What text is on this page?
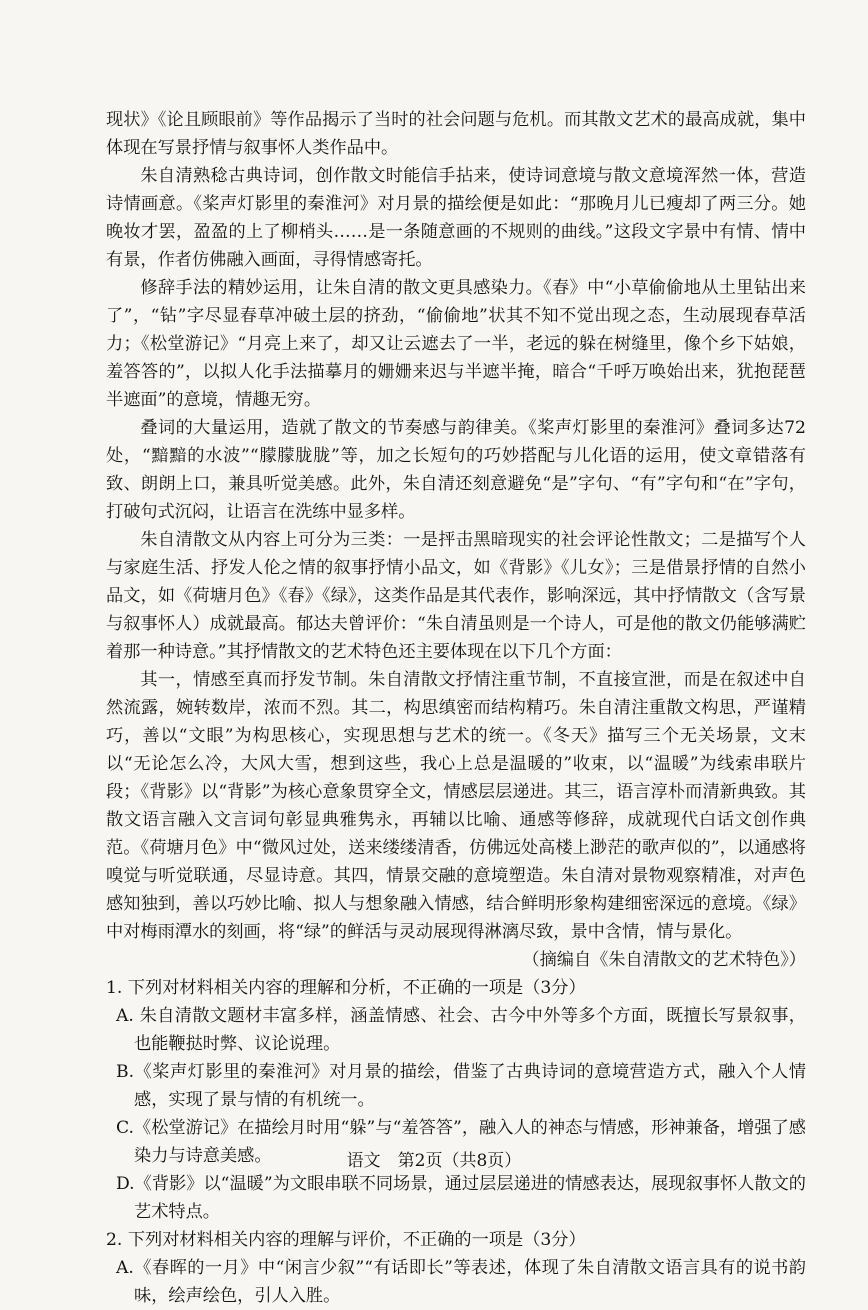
现状》《论且顾眼前》等作品揭示了当时的社会问题与危机。而其散文艺术的最高成就，集中体现在写景抒情与叙事怀人类作品中。

朱自清熟稔古典诗词，创作散文时能信手拈来，使诗词意境与散文意境浑然一体，营造诗情画意。《桨声灯影里的秦淮河》对月景的描绘便是如此：“那晚月儿已瘦却了两三分。她晚妆才罢，盈盈的上了柳梢头……是一条随意画的不规则的曲线。”这段文字景中有情、情中有景，作者仿佛融入画面，寻得情感寄托。

修辞手法的精妙运用，让朱自清的散文更具感染力。《春》中“小草偷偷地从土里钻出来了”，“钻”字尽显春草冲破土层的挤劲，“偷偷地”状其不知不觉出现之态，生动展现春草活力；《松堂游记》“月亮上来了，却又让云遮去了一半，老远的躲在树缝里，像个乡下姑娘，羞答答的”，以拟人化手法描摹月的姗姗来迟与半遮半掩，暗合“千呼万唤始出来，犹抱琵琶半遮面”的意境，情趣无穷。

叠词的大量运用，造就了散文的节奏感与韵律美。《桨声灯影里的秦淮河》叠词多达72处，“黯黯的水波”“朦朦胧胧”等，加之长短句的巧妙搭配与儿化语的运用，使文章错落有致、朗朗上口，兼具听觉美感。此外，朱自清还刻意避免“是”字句、“有”字句和“在”字句，打破句式沉闷，让语言在洗练中显多样。

朱自清散文从内容上可分为三类：一是抨击黑暗现实的社会评论性散文；二是描写个人与家庭生活、抒发人伦之情的叙事抒情小品文，如《背影》《儿女》；三是借景抒情的自然小品文，如《荷塘月色》《春》《绿》，这类作品是其代表作，影响深远，其中抒情散文（含写景与叙事怀人）成就最高。郁达夫曾评价：“朱自清虽则是一个诗人，可是他的散文仍能够满贮着那一种诗意。”其抒情散文的艺术特色还主要体现在以下几个方面：

其一，情感至真而抒发节制。朱自清散文抒情注重节制，不直接宣泄，而是在叙述中自然流露，婉转数岸，浓而不烈。其二，构思缜密而结构精巧。朱自清注重散文构思，严谨精巧，善以“文眼”为构思核心，实现思想与艺术的统一。《冬天》描写三个无关场景，文末以“无论怎么冷，大风大雪，想到这些，我心上总是温暖的”收束，以“温暖”为线索串联片段；《背影》以“背影”为核心意象贯穿全文，情感层层递进。其三，语言淳朴而清新典致。其散文语言融入文言词句彰显典雅隽永，再辅以比喻、通感等修辞，成就现代白话文创作典范。《荷塘月色》中“微风过处，送来缕缕清香，仿佛远处高楼上渺茫的歌声似的”，以通感将嗅觉与听觉联通，尽显诗意。其四，情景交融的意境塑造。朱自清对景物观察精准，对声色感知独到，善以巧妙比喻、拟人与想象融入情感，结合鲜明形象构建细密深远的意境。《绿》中对梅雨潭水的刻画，将“绿”的鲜活与灵动展现得淋漓尽致，景中含情，情与景化。

（摘编自《朱自清散文的艺术特色》）

1. 下列对材料相关内容的理解和分析，不正确的一项是（3分）

A. 朱自清散文题材丰富多样，涵盖情感、社会、古今中外等多个方面，既擅长写景叙事，也能鞭挞时弊、议论说理。

B.《桨声灯影里的秦淮河》对月景的描绘，借鉴了古典诗词的意境营造方式，融入个人情感，实现了景与情的有机统一。

C.《松堂游记》在描绘月时用“躲”与“羞答答”，融入人的神态与情感，形神兼备，增强了感染力与诗意美感。

D.《背影》以“温暖”为文眼串联不同场景，通过层层递进的情感表达，展现叙事怀人散文的艺术特点。

2. 下列对材料相关内容的理解与评价，不正确的一项是（3分）

A.《春晖的一月》中“闲言少叙”“有话即长”等表述，体现了朱自清散文语言具有的说书韵味，绘声绘色，引人入胜。

语文　第2页（共8页）
